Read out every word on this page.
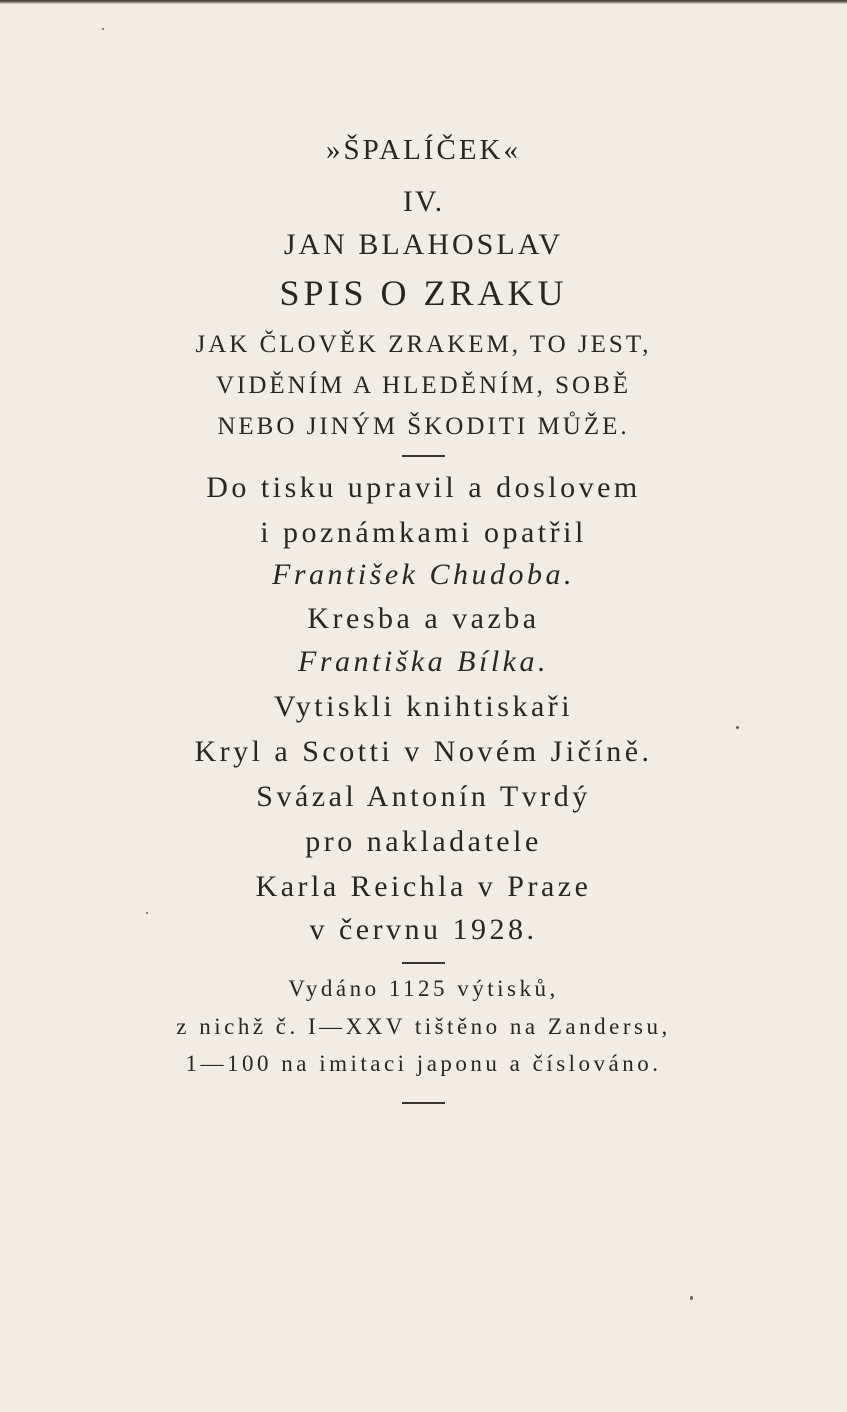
»ŠPALÍČEK«
IV.
JAN BLAHOSLAV
SPIS O ZRAKU
JAK ČLOVĚK ZRAKEM, TO JEST,
VIDĚNÍM A HLEDĚNÍM, SOBĚ
NEBO JINÝM ŠKODITI MŮŽE.
Do tisku upravil a doslovem
i poznámkami opatřil
František Chudoba.
Kresba a vazba
Františka Bílka.
Vytiskli knihtiskaři
Kryl a Scotti v Novém Jičíně.
Svázal Antonín Tvrdý
pro nakladatele
Karla Reichla v Praze
v červnu 1928.
Vydáno 1125 výtisků,
z nichž č. I—XXV tištěno na Zandersu,
1—100 na imitaci japonu a číslováno.
